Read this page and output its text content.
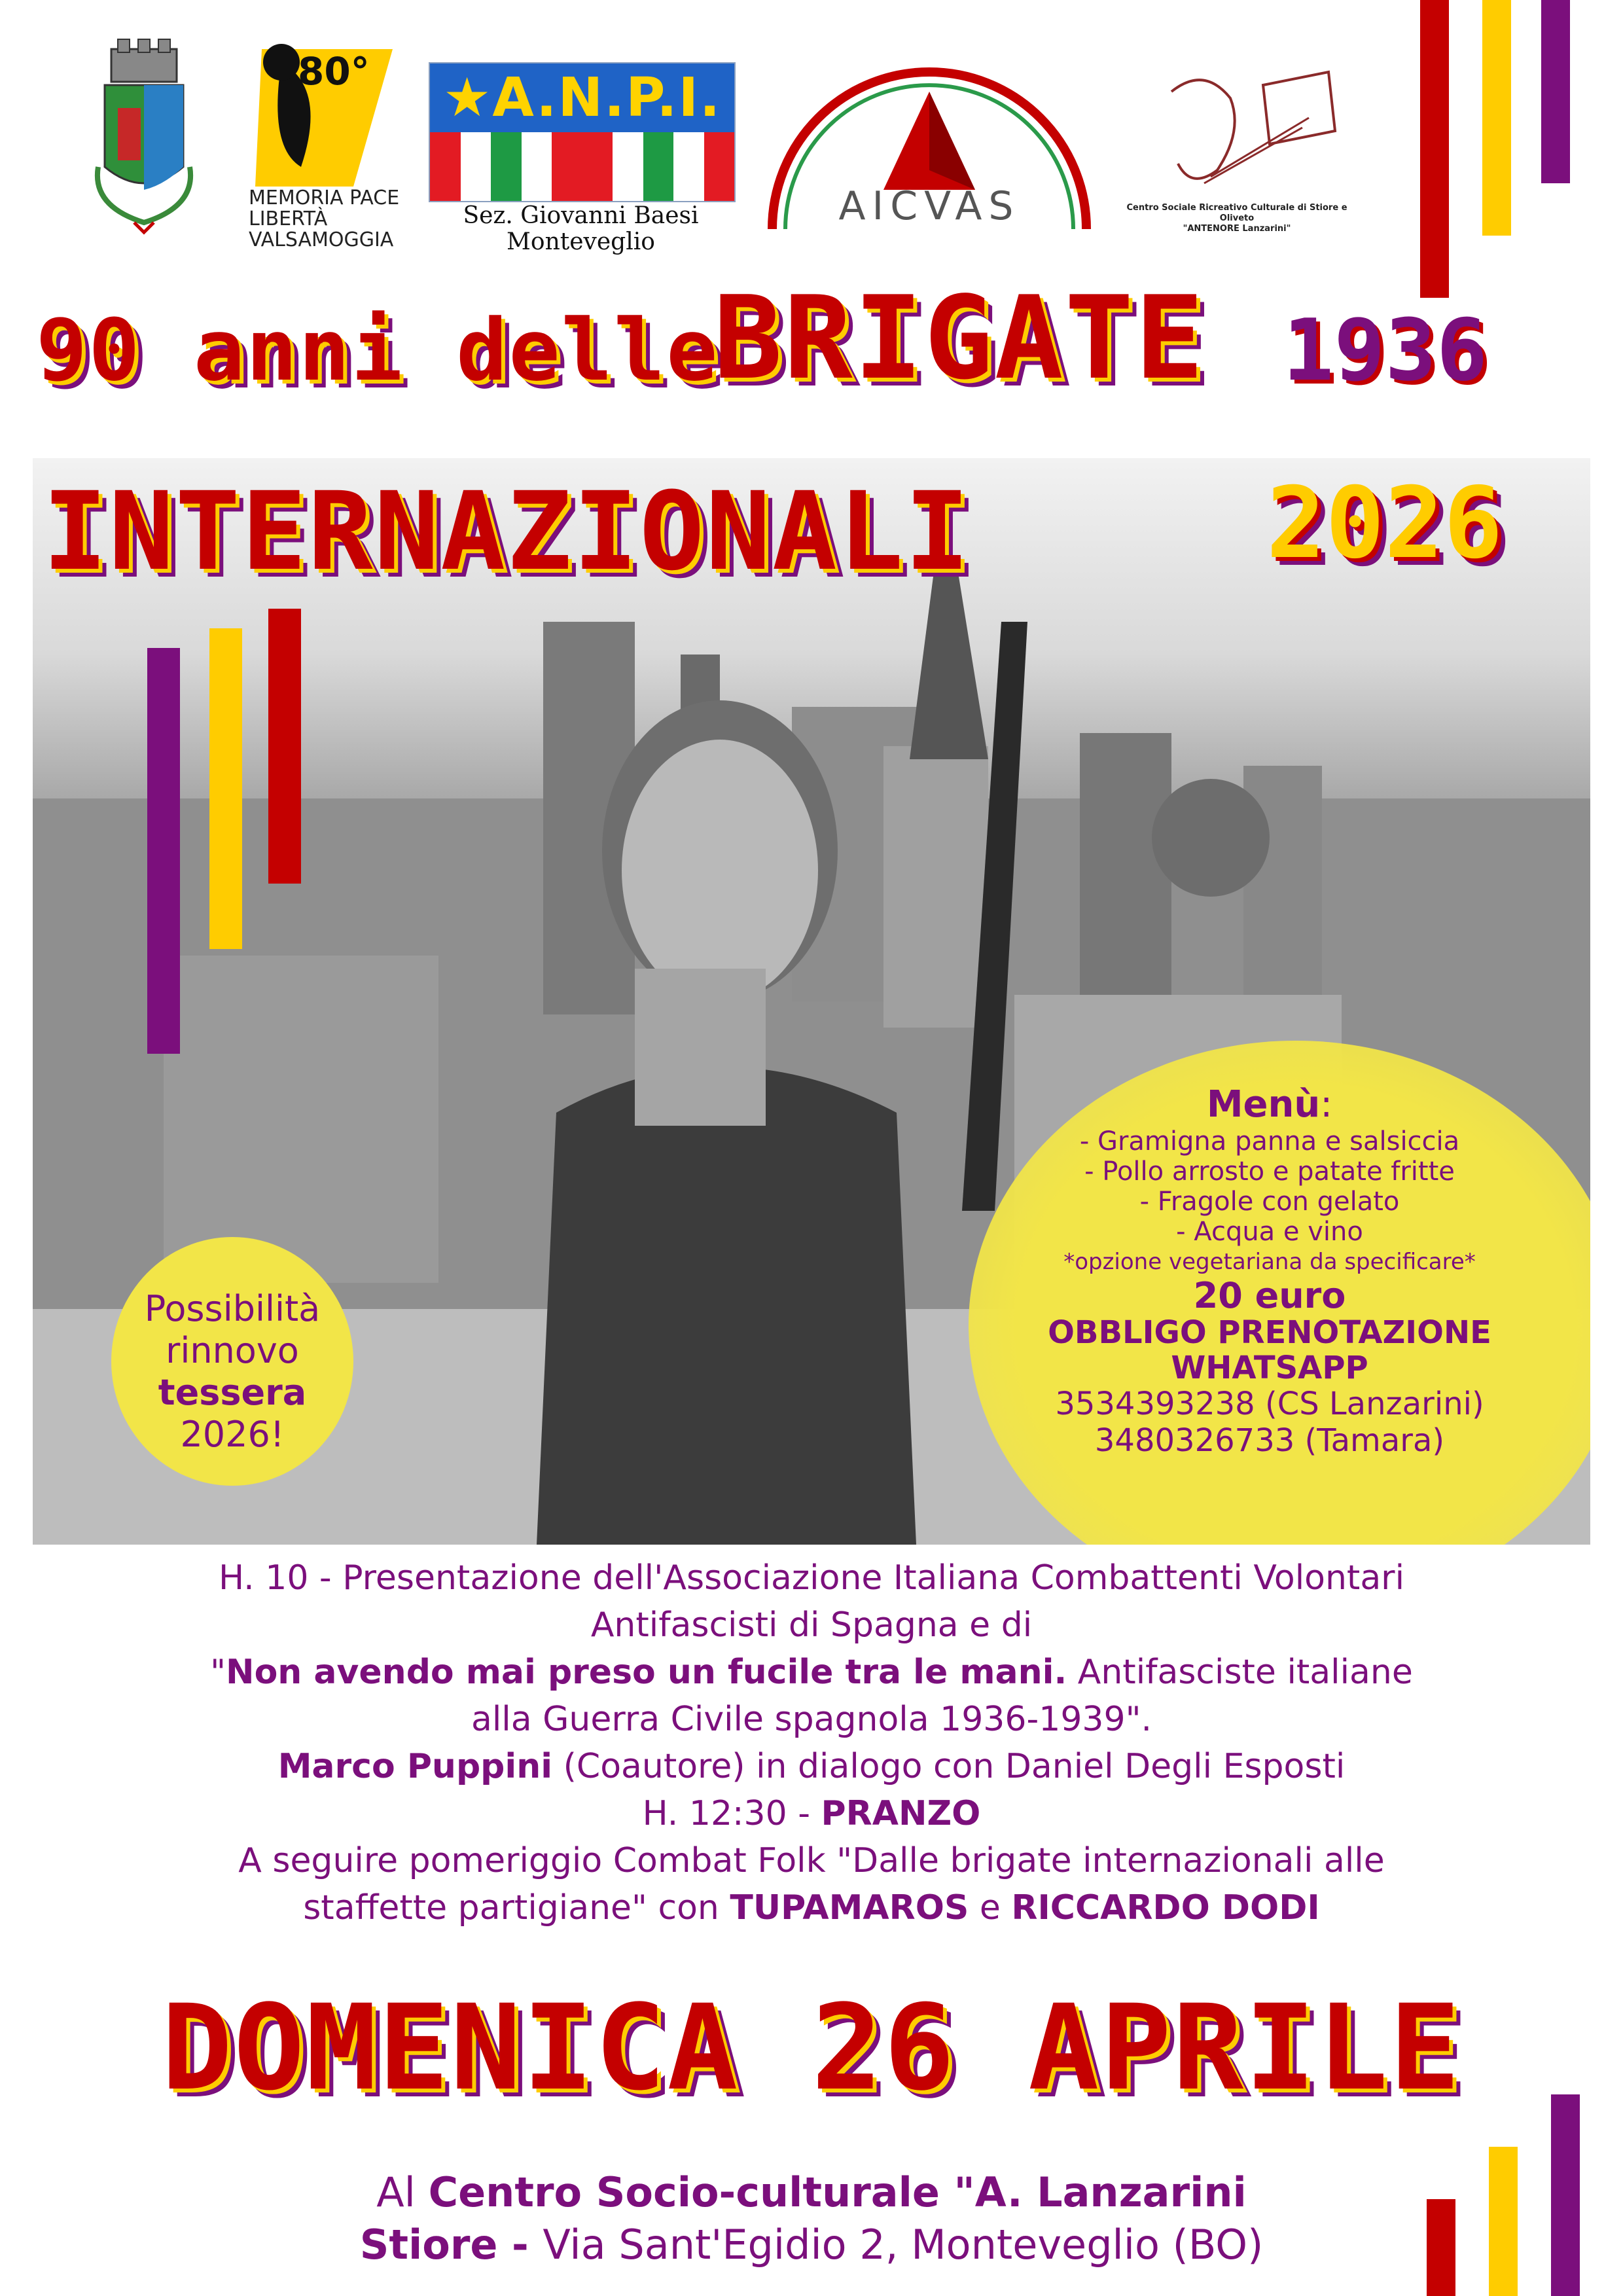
80°
MEMORIA PACE
LIBERTÀ
VALSAMOGGIA
★A.N.P.I.
Sez. Giovanni Baesi
Monteveglio
AICVAS	Centro Sociale Ricreativo Culturale di Stiore e Oliveto
"ANTENORE Lanzarini"
Possibilità
rinnovo
tessera
2026!
Menù:
- Gramigna panna e salsiccia
- Pollo arrosto e patate fritte
- Fragole con gelato
- Acqua e vino
*opzione vegetariana da specificare*
20 euro
OBBLIGO PRENOTAZIONE
WHATSAPP
3534393238 (CS Lanzarini)
3480326733 (Tamara)
90 anni delle
BRIGATE 1936
INTERNAZIONALI	2026

H. 10 - Presentazione dell'Associazione Italiana Combattenti Volontari

Antifascisti di Spagna e di

"Non avendo mai preso un fucile tra le mani. Antifasciste italiane

alla Guerra Civile spagnola 1936-1939".

Marco Puppini (Coautore) in dialogo con Daniel Degli Esposti

H. 12:30 - PRANZO

A seguire pomeriggio Combat Folk "Dalle brigate internazionali alle

staffette partigiane" con TUPAMAROS e RICCARDO DODI

DOMENICA 26 APRILE
Al Centro Socio-culturale "A. Lanzarini
Stiore - Via Sant'Egidio 2, Monteveglio (BO)
